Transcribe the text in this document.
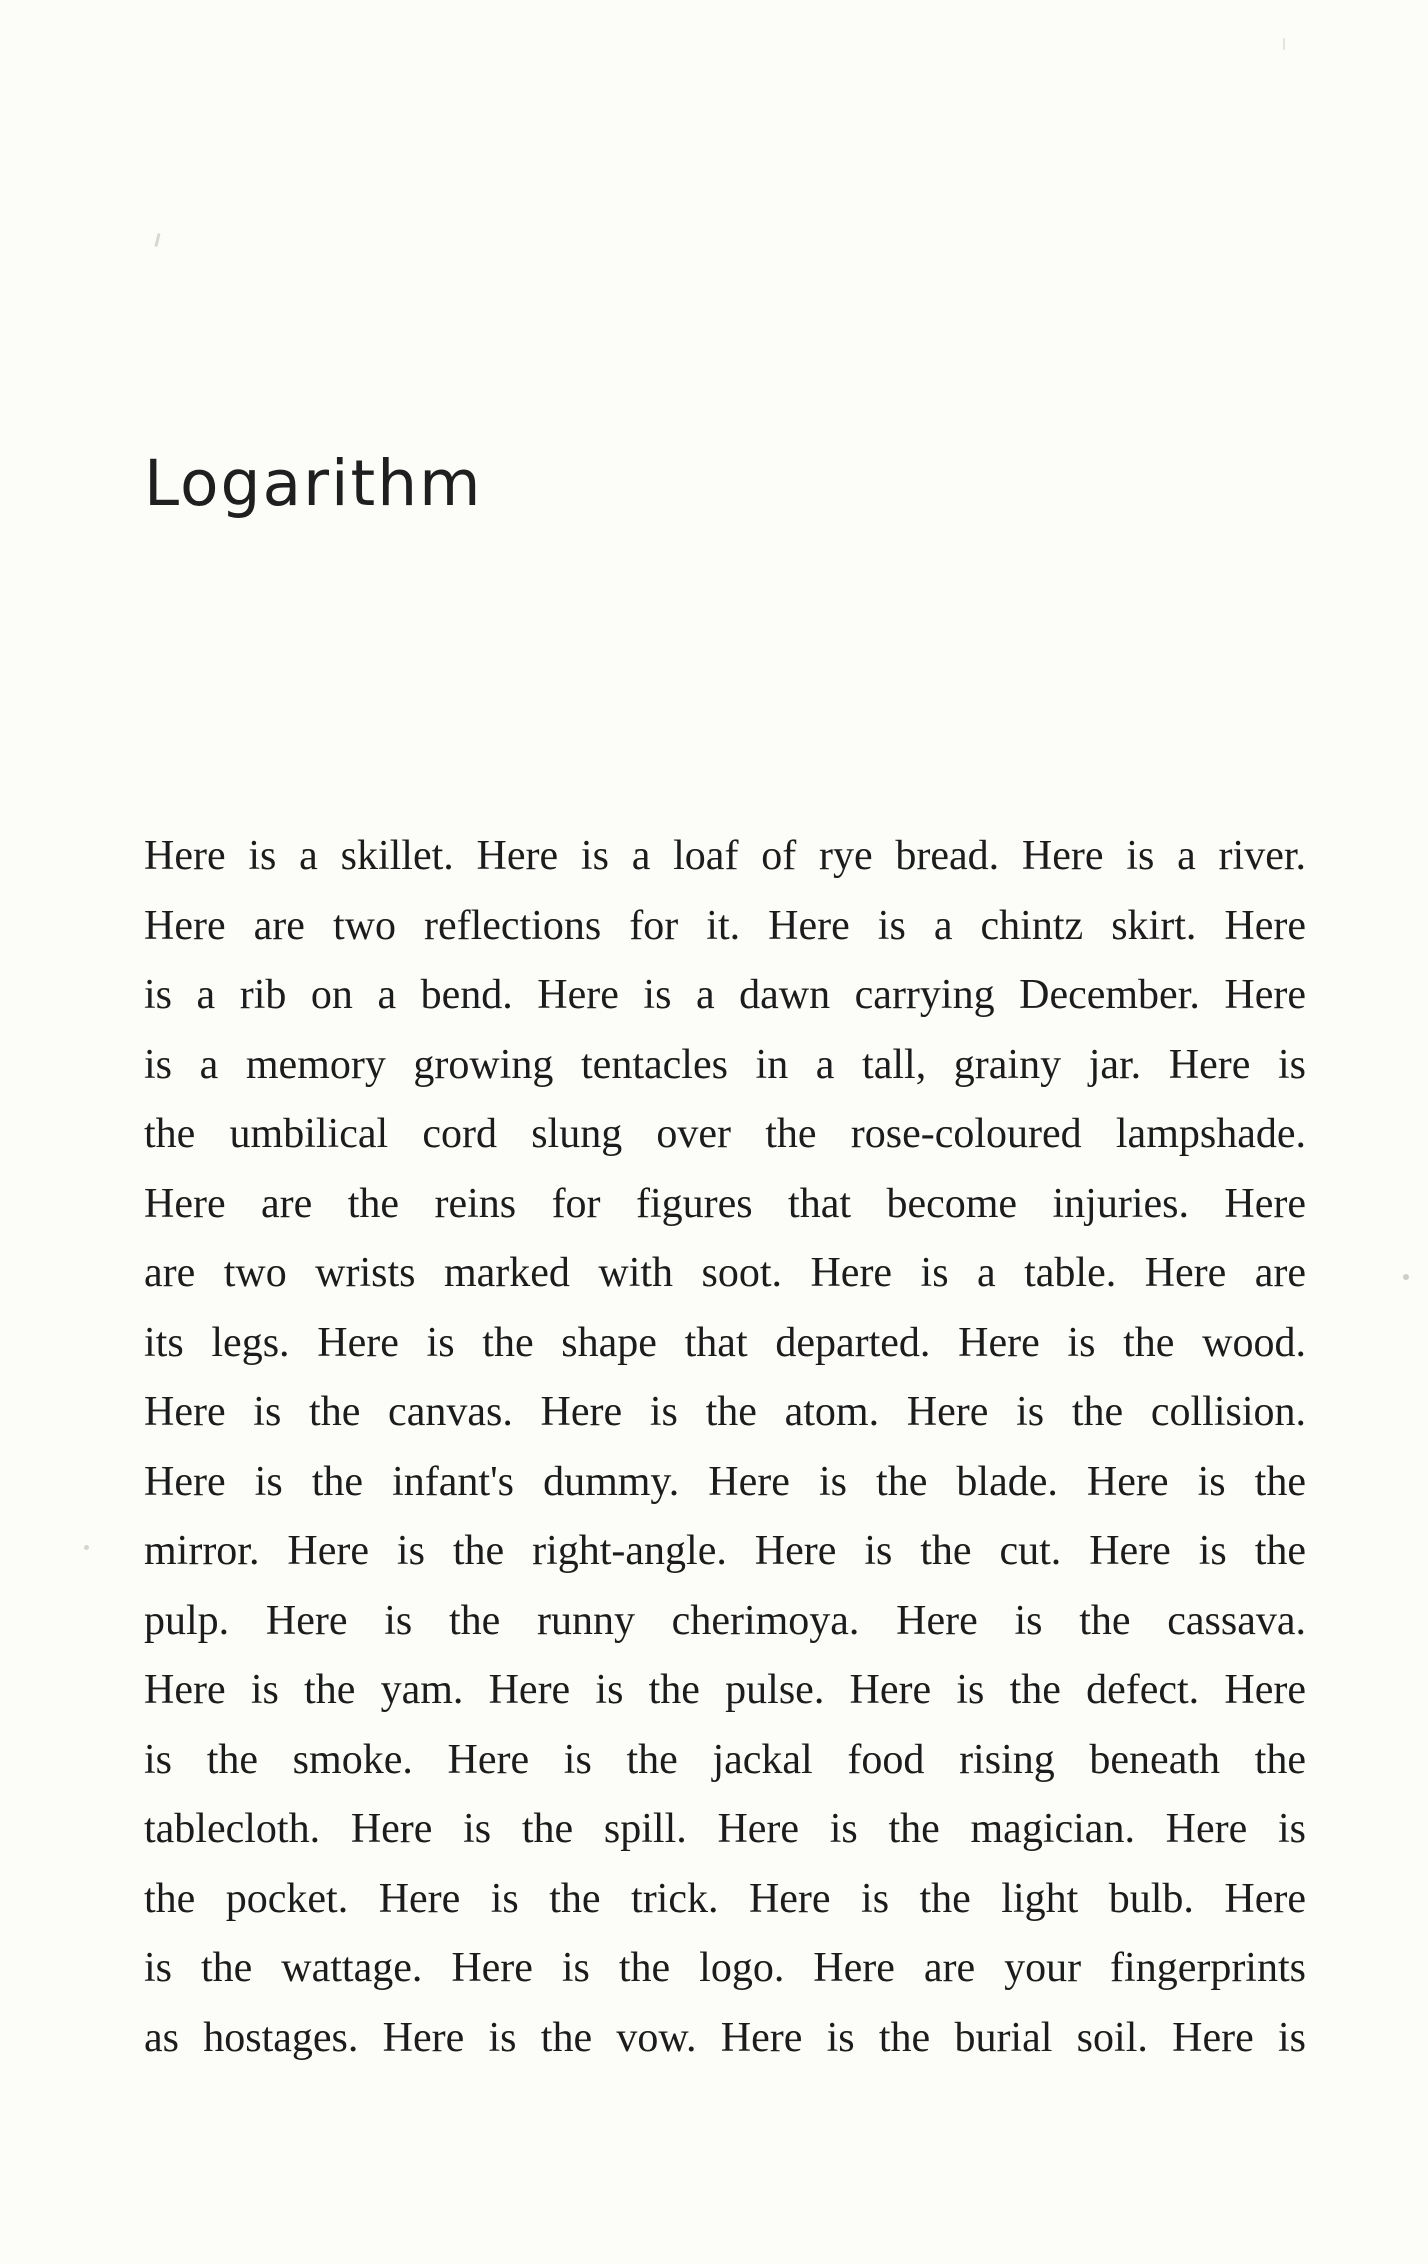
Logarithm
Here is a skillet. Here is a loaf of rye bread. Here is a river.
Here are two reflections for it. Here is a chintz skirt. Here
is a rib on a bend. Here is a dawn carrying December. Here
is a memory growing tentacles in a tall, grainy jar. Here is
the umbilical cord slung over the rose-coloured lampshade.
Here are the reins for figures that become injuries. Here
are two wrists marked with soot. Here is a table. Here are
its legs. Here is the shape that departed. Here is the wood.
Here is the canvas. Here is the atom. Here is the collision.
Here is the infant's dummy. Here is the blade. Here is the
mirror. Here is the right-angle. Here is the cut. Here is the
pulp. Here is the runny cherimoya. Here is the cassava.
Here is the yam. Here is the pulse. Here is the defect. Here
is the smoke. Here is the jackal food rising beneath the
tablecloth. Here is the spill. Here is the magician. Here is
the pocket. Here is the trick. Here is the light bulb. Here
is the wattage. Here is the logo. Here are your fingerprints
as hostages. Here is the vow. Here is the burial soil. Here is
